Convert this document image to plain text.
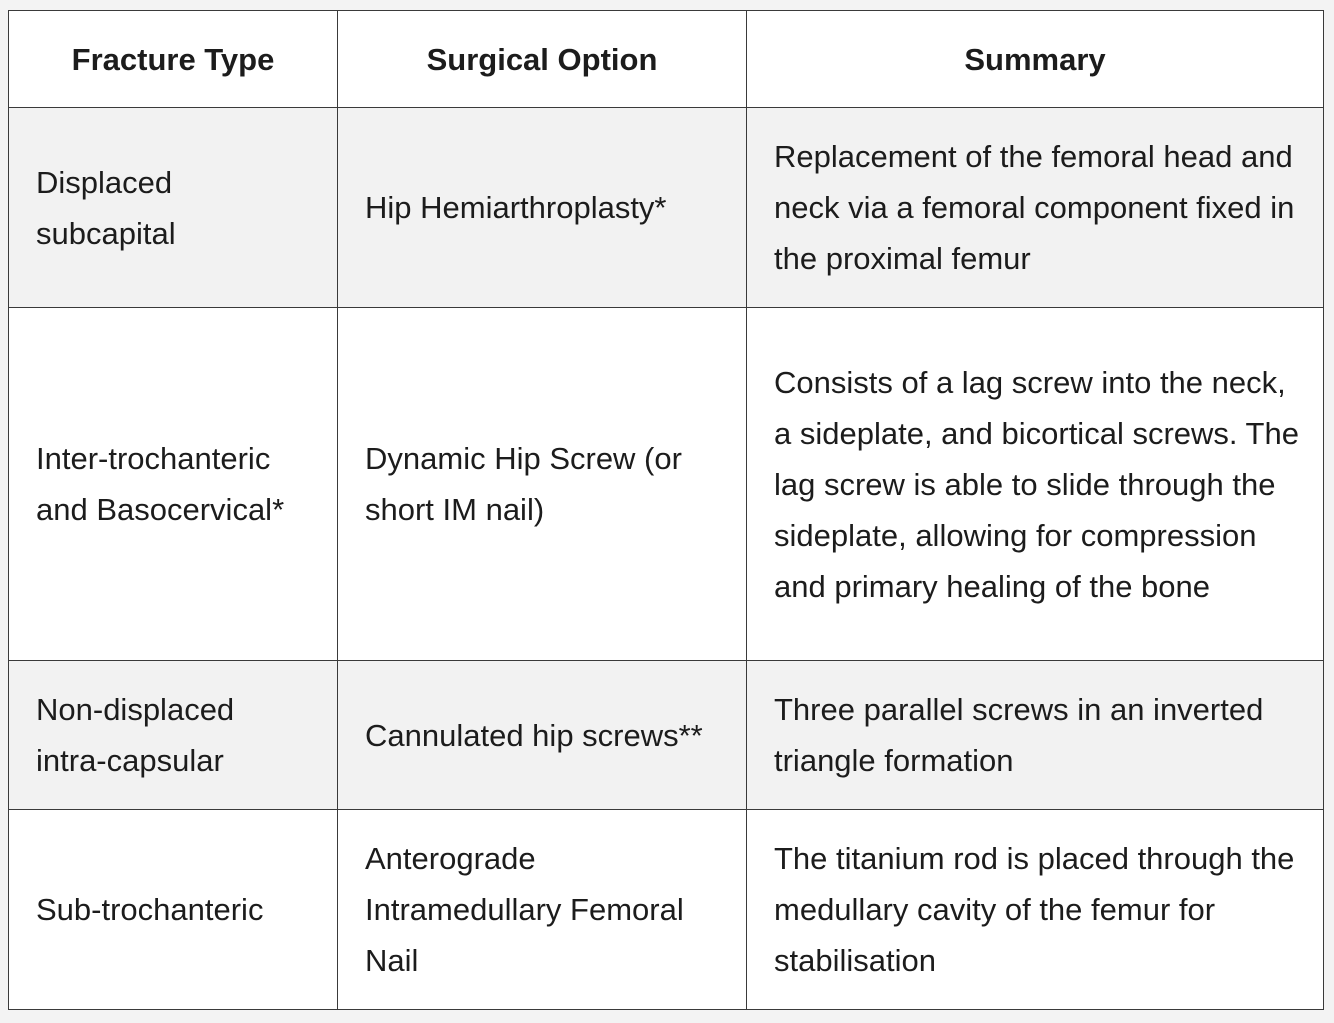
Fracture Type	Surgical Option	Summary
Displaced subcapital	Hip Hemiarthroplasty*	Replacement of the femoral head and neck via a femoral component fixed in the proximal femur
Inter-trochanteric and Basocervical*	Dynamic Hip Screw (or short IM nail)	Consists of a lag screw into the neck, a sideplate, and bicortical screws. The lag screw is able to slide through the sideplate, allowing for compression and primary healing of the bone
Non-displaced intra-capsular	Cannulated hip screws**	Three parallel screws in an inverted triangle formation
Sub-trochanteric	Anterograde Intramedullary Femoral Nail	The titanium rod is placed through the medullary cavity of the femur for stabilisation
